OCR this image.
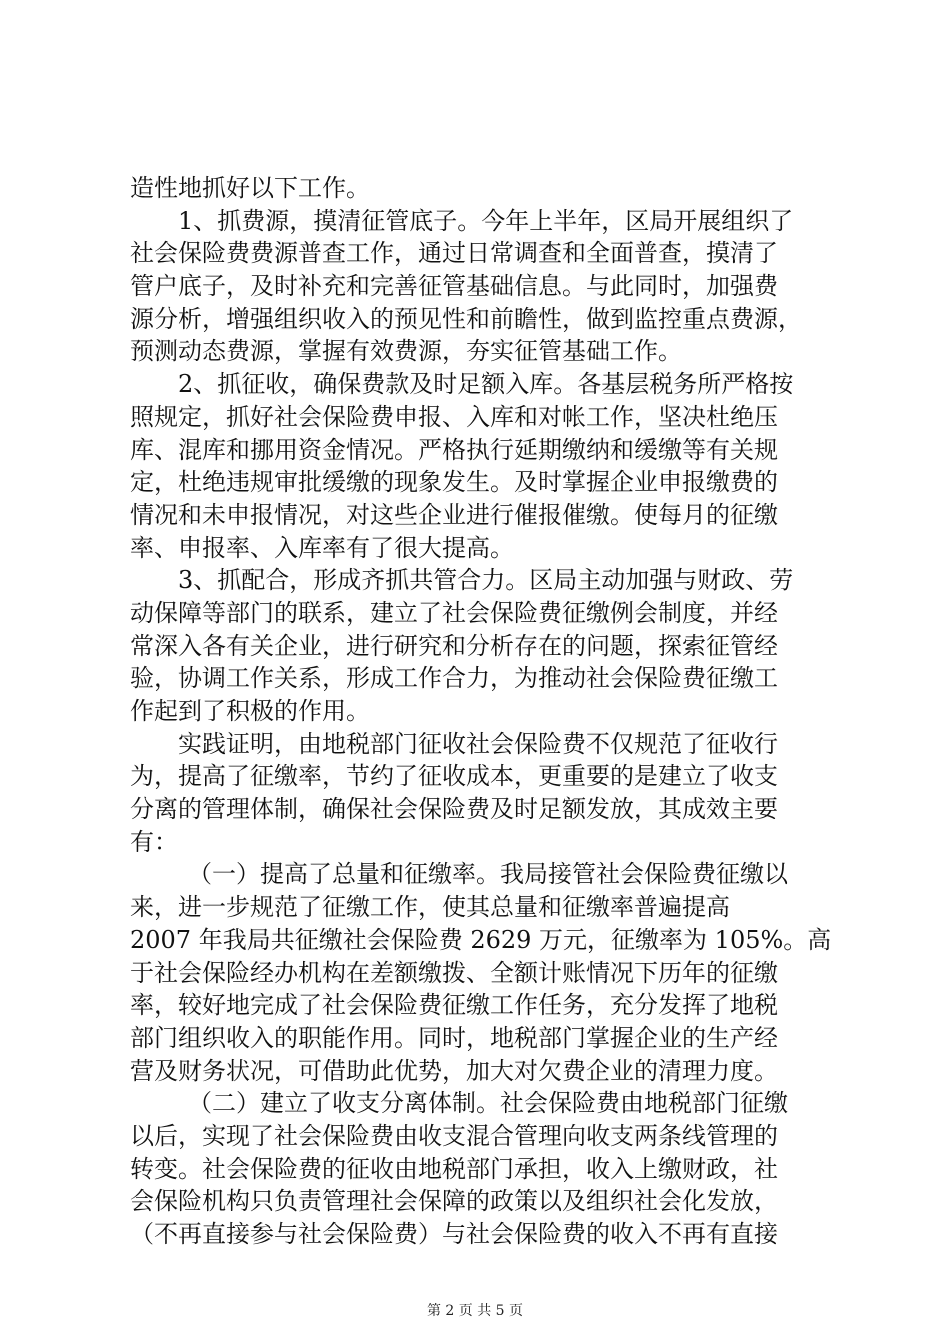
造性地抓好以下工作。
1、抓费源，摸清征管底子。今年上半年，区局开展组织了
社会保险费费源普查工作，通过日常调查和全面普查，摸清了
管户底子，及时补充和完善征管基础信息。与此同时，加强费
源分析，增强组织收入的预见性和前瞻性，做到监控重点费源，
预测动态费源，掌握有效费源，夯实征管基础工作。
2、抓征收，确保费款及时足额入库。各基层税务所严格按
照规定，抓好社会保险费申报、入库和对帐工作，坚决杜绝压
库、混库和挪用资金情况。严格执行延期缴纳和缓缴等有关规
定，杜绝违规审批缓缴的现象发生。及时掌握企业申报缴费的
情况和未申报情况，对这些企业进行催报催缴。使每月的征缴
率、申报率、入库率有了很大提高。
3、抓配合，形成齐抓共管合力。区局主动加强与财政、劳
动保障等部门的联系，建立了社会保险费征缴例会制度，并经
常深入各有关企业，进行研究和分析存在的问题，探索征管经
验，协调工作关系，形成工作合力，为推动社会保险费征缴工
作起到了积极的作用。
实践证明，由地税部门征收社会保险费不仅规范了征收行
为，提高了征缴率，节约了征收成本，更重要的是建立了收支
分离的管理体制，确保社会保险费及时足额发放，其成效主要
有：
（一）提高了总量和征缴率。我局接管社会保险费征缴以
来，进一步规范了征缴工作，使其总量和征缴率普遍提高
2007 年我局共征缴社会保险费 2629 万元，征缴率为 105%。高
于社会保险经办机构在差额缴拨、全额计账情况下历年的征缴
率，较好地完成了社会保险费征缴工作任务，充分发挥了地税
部门组织收入的职能作用。同时，地税部门掌握企业的生产经
营及财务状况，可借助此优势，加大对欠费企业的清理力度。
（二）建立了收支分离体制。社会保险费由地税部门征缴
以后，实现了社会保险费由收支混合管理向收支两条线管理的
转变。社会保险费的征收由地税部门承担，收入上缴财政，社
会保险机构只负责管理社会保障的政策以及组织社会化发放，
（不再直接参与社会保险费）与社会保险费的收入不再有直接
第 2 页 共 5 页
